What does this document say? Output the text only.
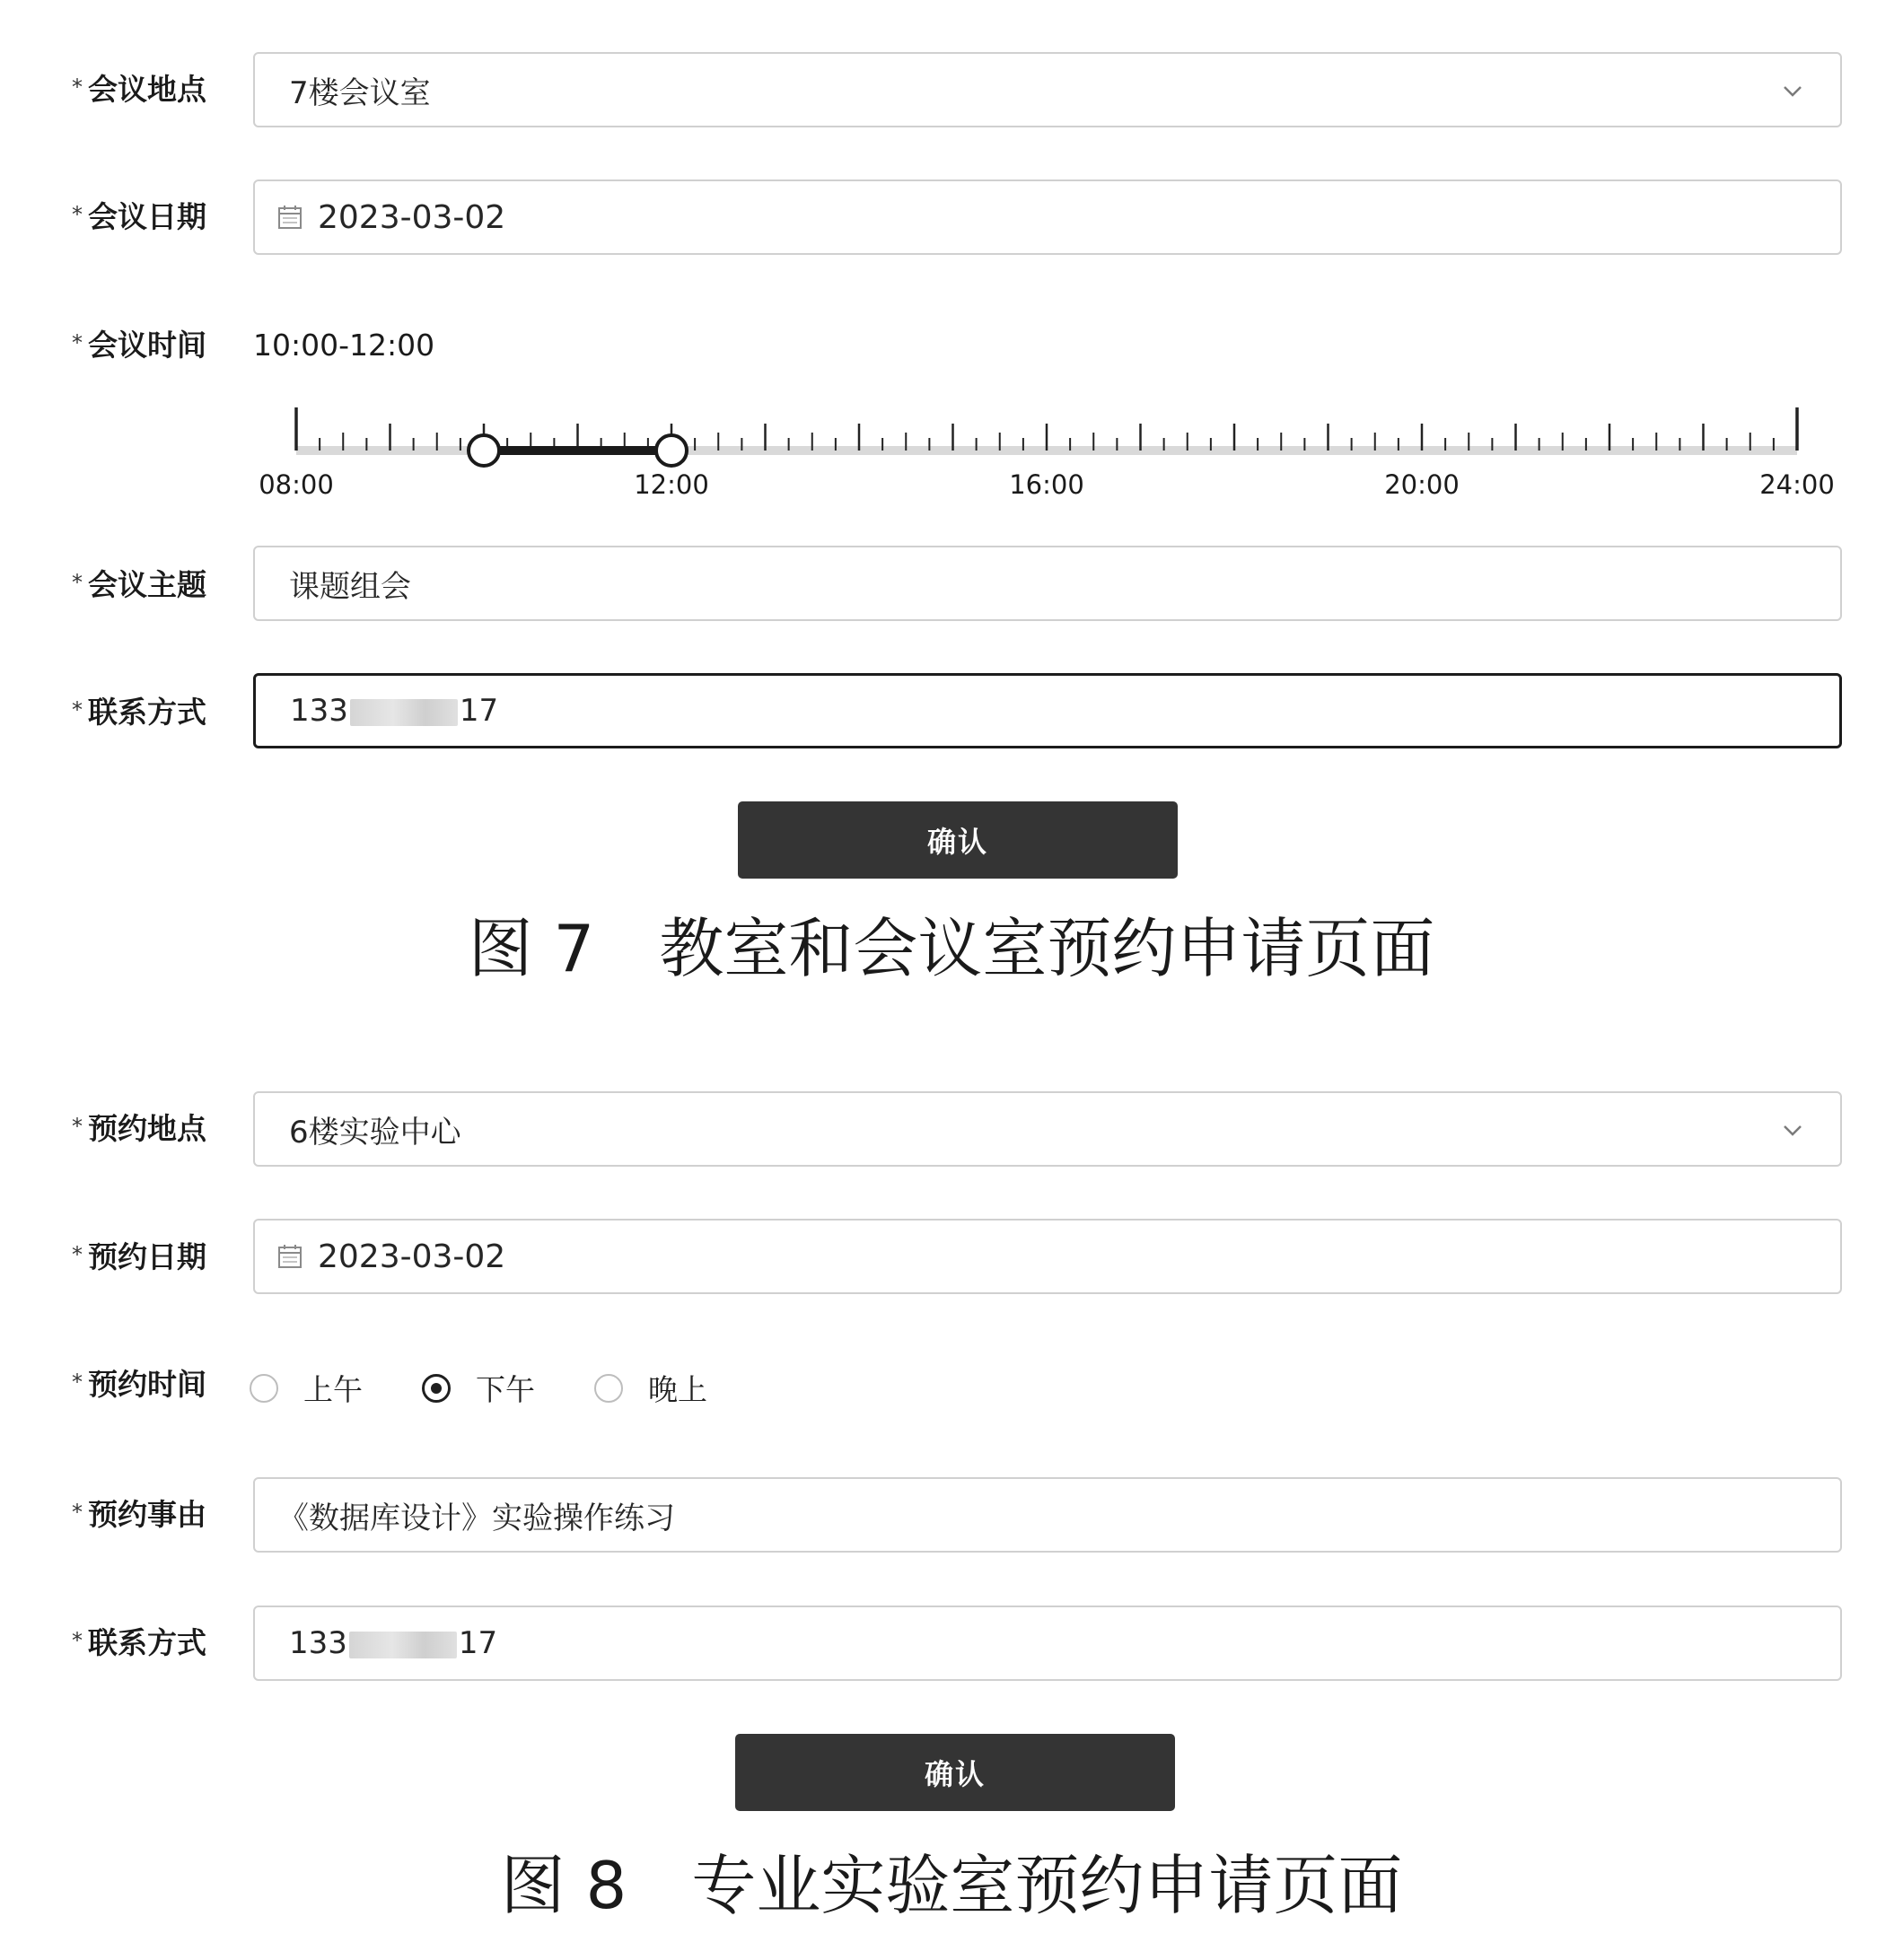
* 会议地点	7楼会议室
* 会议日期	2023-03-02
* 会议时间	10:00-12:00
08:00	12:00	16:00	20:00	24:00
* 会议主题	课题组会
* 联系方式	133	17
确认
图 7　教室和会议室预约申请页面
* 预约地点	6楼实验中心
* 预约日期	2023-03-02
* 预约时间	上午	下午	晚上
* 预约事由	《数据库设计》实验操作练习
* 联系方式	133	17
确认
图 8　专业实验室预约申请页面
